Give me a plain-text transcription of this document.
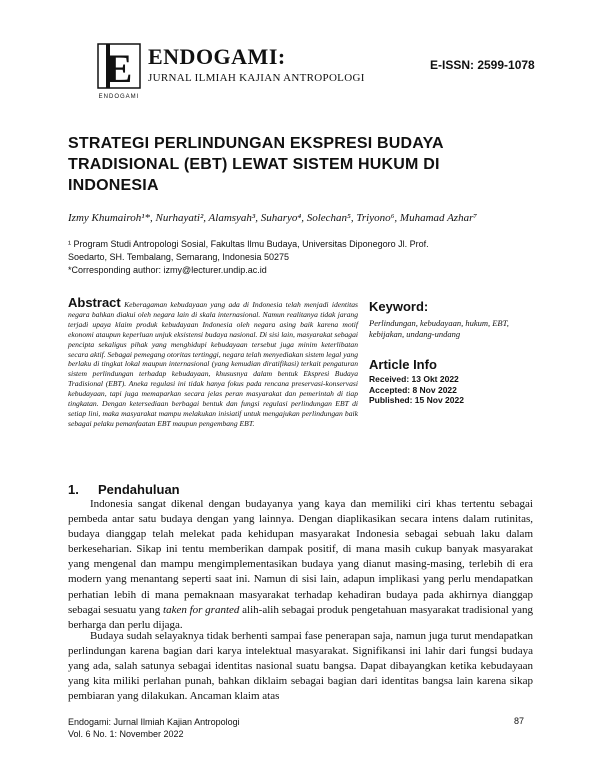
E
ENDOGAMI
ENDOGAMI:
JURNAL ILMIAH KAJIAN ANTROPOLOGI
E-ISSN: 2599-1078
STRATEGI PERLINDUNGAN EKSPRESI BUDAYA
TRADISIONAL (EBT) LEWAT SISTEM HUKUM DI
INDONESIA
Izmy Khumairoh¹*, Nurhayati², Alamsyah³, Suharyo⁴, Solechan⁵, Triyono⁶, Muhamad Azhar⁷
¹ Program Studi Antropologi Sosial, Fakultas Ilmu Budaya, Universitas Diponegoro Jl. Prof.
Soedarto, SH. Tembalang, Semarang, Indonesia 50275
*Corresponding author: izmy@lecturer.undip.ac.id
Abstract Keberagaman kebudayaan yang ada di Indonesia telah menjadi identitas negara bahkan diakui oleh negara lain di skala internasional. Namun realitanya tidak jarang terjadi upaya klaim produk kebudayaan Indonesia oleh negara asing baik karena motif ekonomi ataupun keperluan unjuk eksistensi budaya nasional. Di sisi lain, masyarakat sebagai pencipta sekaligus pihak yang menghidupi kebudayaan tersebut juga minim keterlibatan secara aktif. Sebagai pemegang otoritas tertinggi, negara telah menyediakan sistem legal yang berlaku di tingkat lokal maupun internasional (yang kemudian diratifikasi) terkait pengaturan sistem perlindungan terhadap kebudayaan, khususnya dalam bentuk Ekspresi Budaya Tradisional (EBT). Aneka regulasi ini tidak hanya fokus pada rencana preservasi-konservasi kebudayaan, tapi juga memaparkan secara jelas peran masyarakat dan pemerintah di tiap tingkatan. Dengan ketersediaan berbagai bentuk dan fungsi regulasi perlindungan EBT di setiap lini, maka masyarakat mampu melakukan inisiatif untuk mengajukan perlindungan baik sebagai pelaku pemanfaatan EBT maupun pengembang EBT.
Keyword:
Perlindungan, kebudayaan, hukum, EBT, kebijakan, undang-undang
Article Info
Received: 13 Okt 2022
Accepted: 8 Nov 2022
Published: 15 Nov 2022
1. Pendahuluan

Indonesia sangat dikenal dengan budayanya yang kaya dan memiliki ciri khas tertentu sebagai pembeda antar satu budaya dengan yang lainnya. Dengan diaplikasikan secara intens dalam rutinitas, budaya dianggap telah melekat pada kehidupan masyarakat Indonesia sebagai sebuah laku dalam berkeseharian. Sikap ini tentu memberikan dampak positif, di mana masih cukup banyak masyarakat yang mengenal dan mampu mengimplementasikan budaya yang dianut masing-masing, terlebih di era modern yang menantang seperti saat ini. Namun di sisi lain, adapun implikasi yang perlu mendapatkan perhatian lebih di mana pemaknaan masyarakat terhadap kehadiran budaya pada akhirnya dianggap sebagai sesuatu yang taken for granted alih-alih sebagai produk pengetahuan masyarakat tradisional yang berharga dan perlu dijaga.

Budaya sudah selayaknya tidak berhenti sampai fase penerapan saja, namun juga turut mendapatkan perlindungan karena bagian dari karya intelektual masyarakat. Signifikansi ini lahir dari fungsi budaya yang ada, salah satunya sebagai identitas nasional suatu bangsa. Dapat dibayangkan ketika kebudayaan yang kita miliki perlahan punah, bahkan diklaim sebagai bagian dari identitas bangsa lain karena sikap pembiaran yang dilakukan. Ancaman klaim atas

Endogami: Jurnal Ilmiah Kajian Antropologi
Vol. 6 No. 1: November 2022
87
